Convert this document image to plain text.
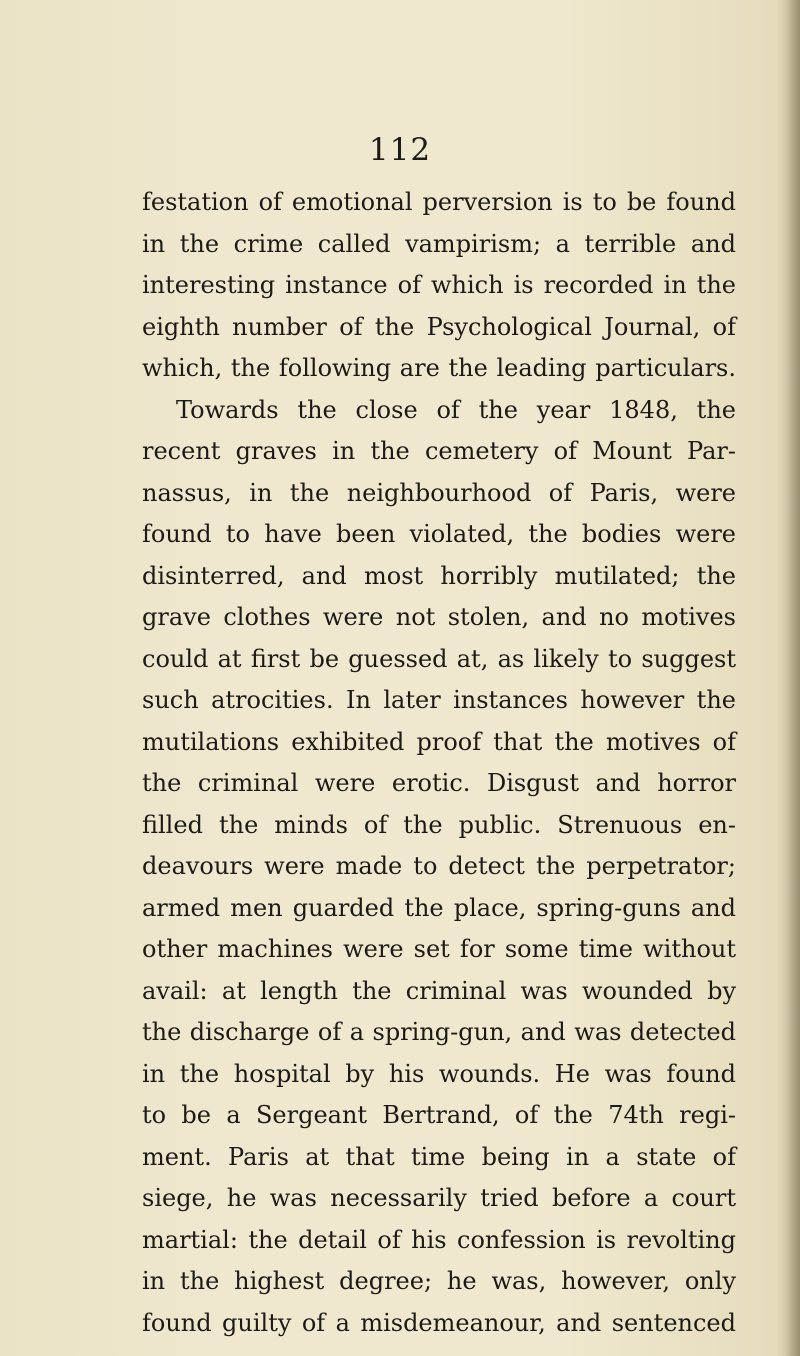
112
festation of emotional perversion is to be found
in the crime called vampirism; a terrible and
interesting instance of which is recorded in the
eighth number of the Psychological Journal, of
which, the following are the leading particulars.
Towards the close of the year 1848, the
recent graves in the cemetery of Mount Par-
nassus, in the neighbourhood of Paris, were
found to have been violated, the bodies were
disinterred, and most horribly mutilated; the
grave clothes were not stolen, and no motives
could at first be guessed at, as likely to suggest
such atrocities. In later instances however the
mutilations exhibited proof that the motives of
the criminal were erotic. Disgust and horror
filled the minds of the public. Strenuous en-
deavours were made to detect the perpetrator;
armed men guarded the place, spring-guns and
other machines were set for some time without
avail: at length the criminal was wounded by
the discharge of a spring-gun, and was detected
in the hospital by his wounds. He was found
to be a Sergeant Bertrand, of the 74th regi-
ment. Paris at that time being in a state of
siege, he was necessarily tried before a court
martial: the detail of his confession is revolting
in the highest degree; he was, however, only
found guilty of a misdemeanour, and sentenced
